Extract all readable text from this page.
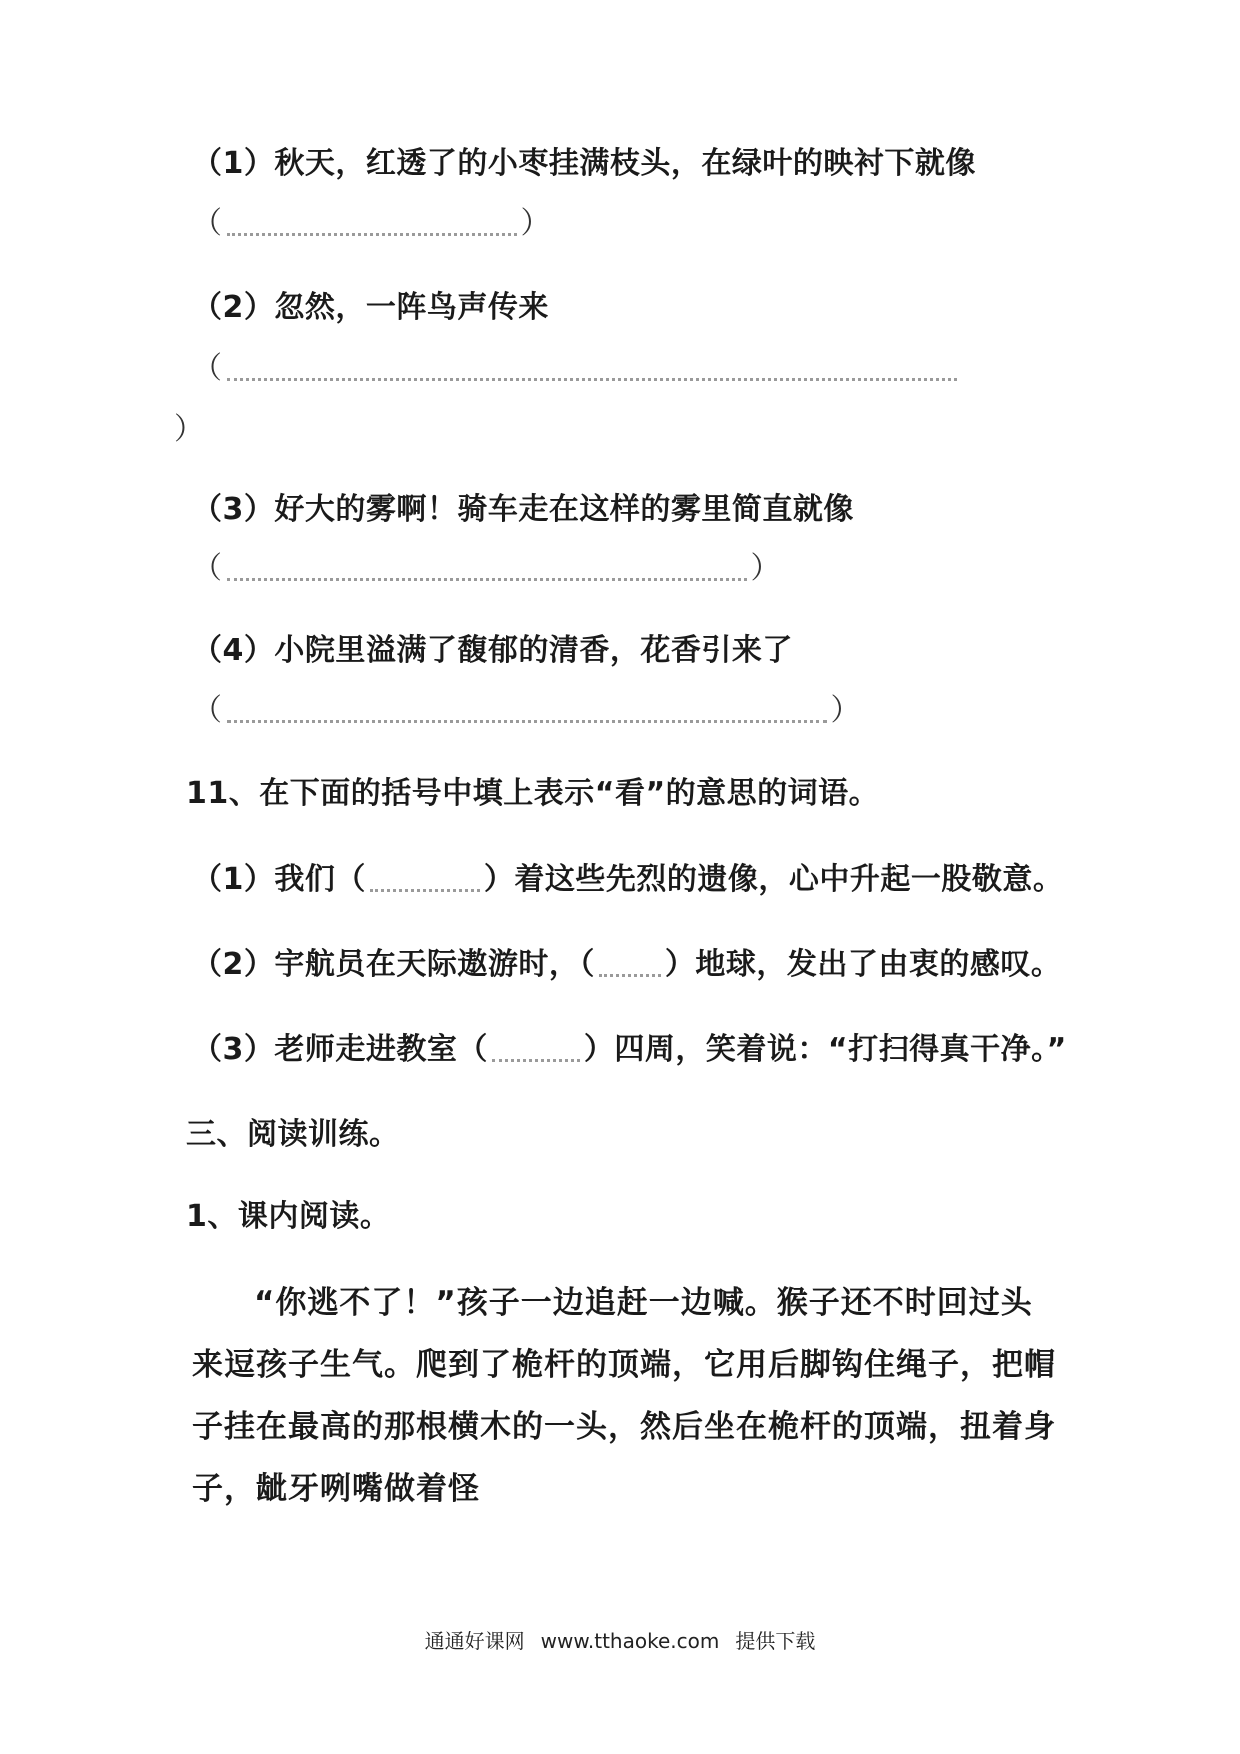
（1）秋天，红透了的小枣挂满枝头，在绿叶的映衬下就像
（	）
（2）忽然，一阵鸟声传来
（
）
（3）好大的雾啊！骑车走在这样的雾里简直就像
（	）
（4）小院里溢满了馥郁的清香，花香引来了
（	）
11、在下面的括号中填上表示“看”的意思的词语。
（1）我们（	）着这些先烈的遗像，心中升起一股敬意。
（2）宇航员在天际遨游时，（ ）地球，发出了由衷的感叹。
（3）老师走进教室（	）四周，笑着说：“打扫得真干净。”
三、阅读训练。
1、课内阅读。
“你逃不了！”孩子一边追赶一边喊。猴子还不时回过头来逗孩子生气。爬到了桅杆的顶端，它用后脚钩住绳子，把帽子挂在最高的那根横木的一头，然后坐在桅杆的顶端，扭着身子，龇牙咧嘴做着怪
通通好课网 www.tthaoke.com 提供下载
